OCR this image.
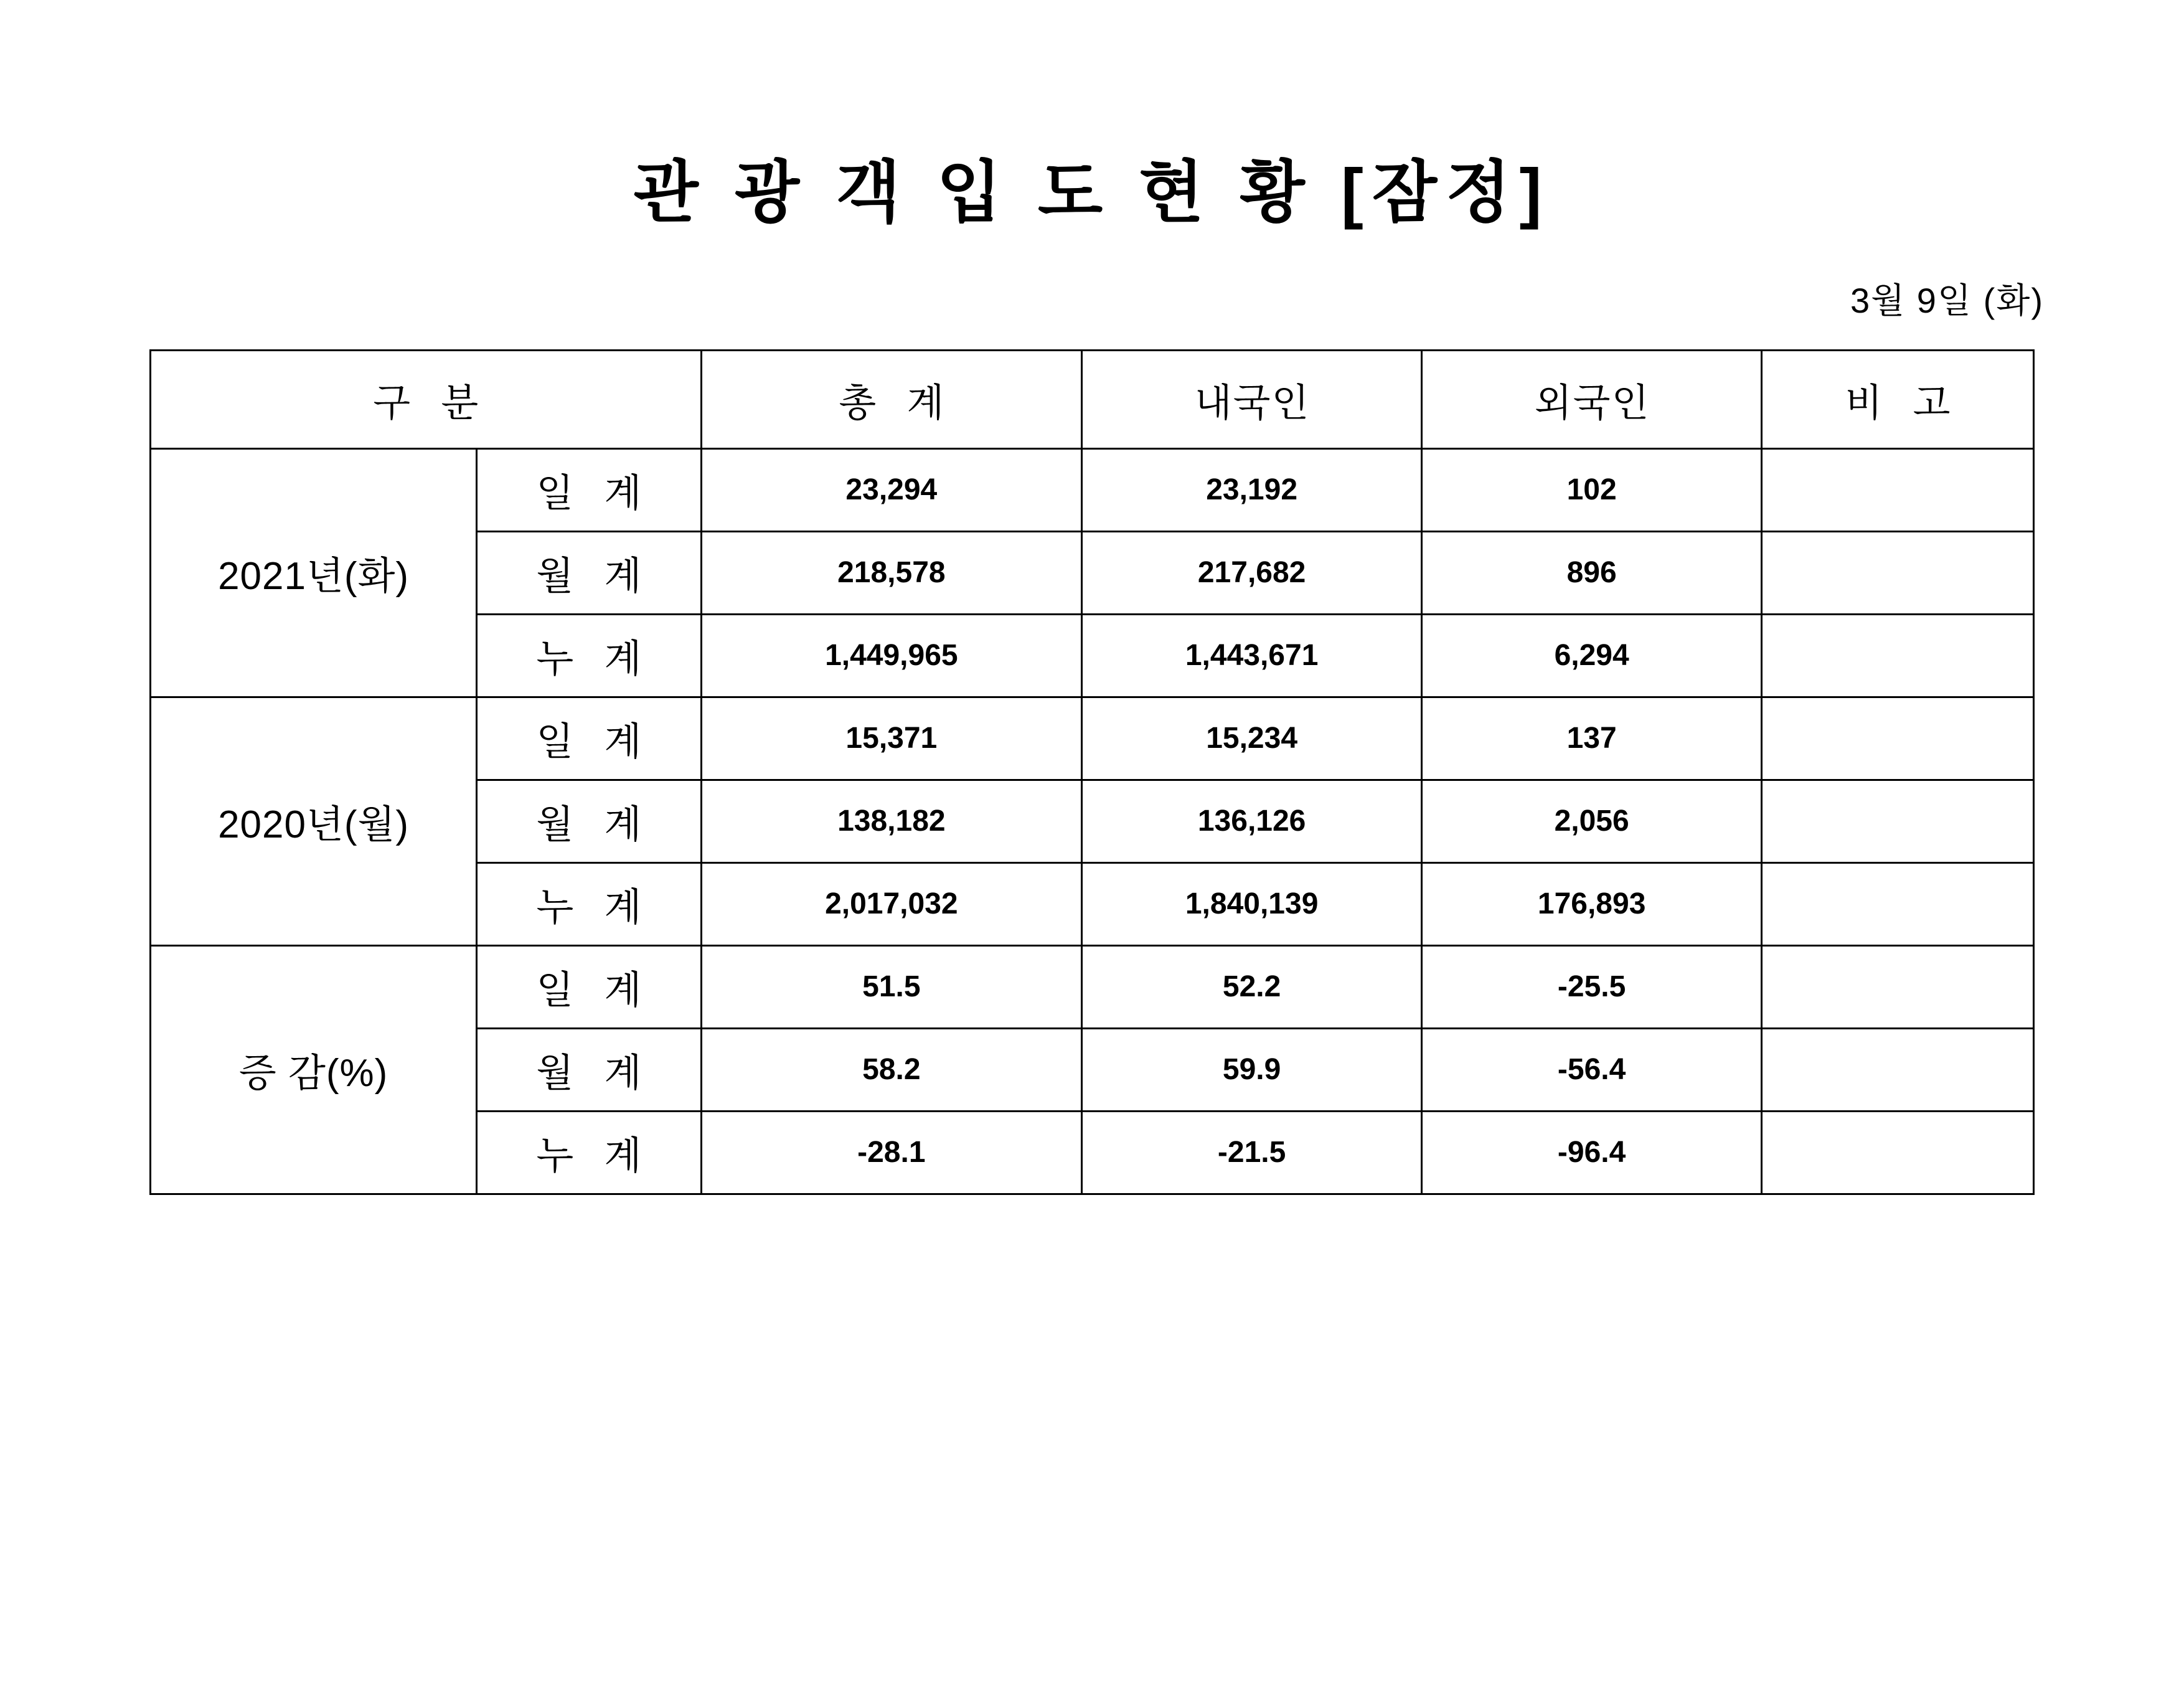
관 광 객 입 도 현 황 [잠정]
3월 9일 (화)
구 분		총 계	내국인	외국인	비 고
2021년(화)	일 계	23,294	23,192	102	
	월 계	218,578	217,682	896	
	누 계	1,449,965	1,443,671	6,294	
2020년(월)	일 계	15,371	15,234	137	
	월 계	138,182	136,126	2,056	
	누 계	2,017,032	1,840,139	176,893	
증 감(%)	일 계	51.5	52.2	-25.5	
	월 계	58.2	59.9	-56.4	
	누 계	-28.1	-21.5	-96.4	
